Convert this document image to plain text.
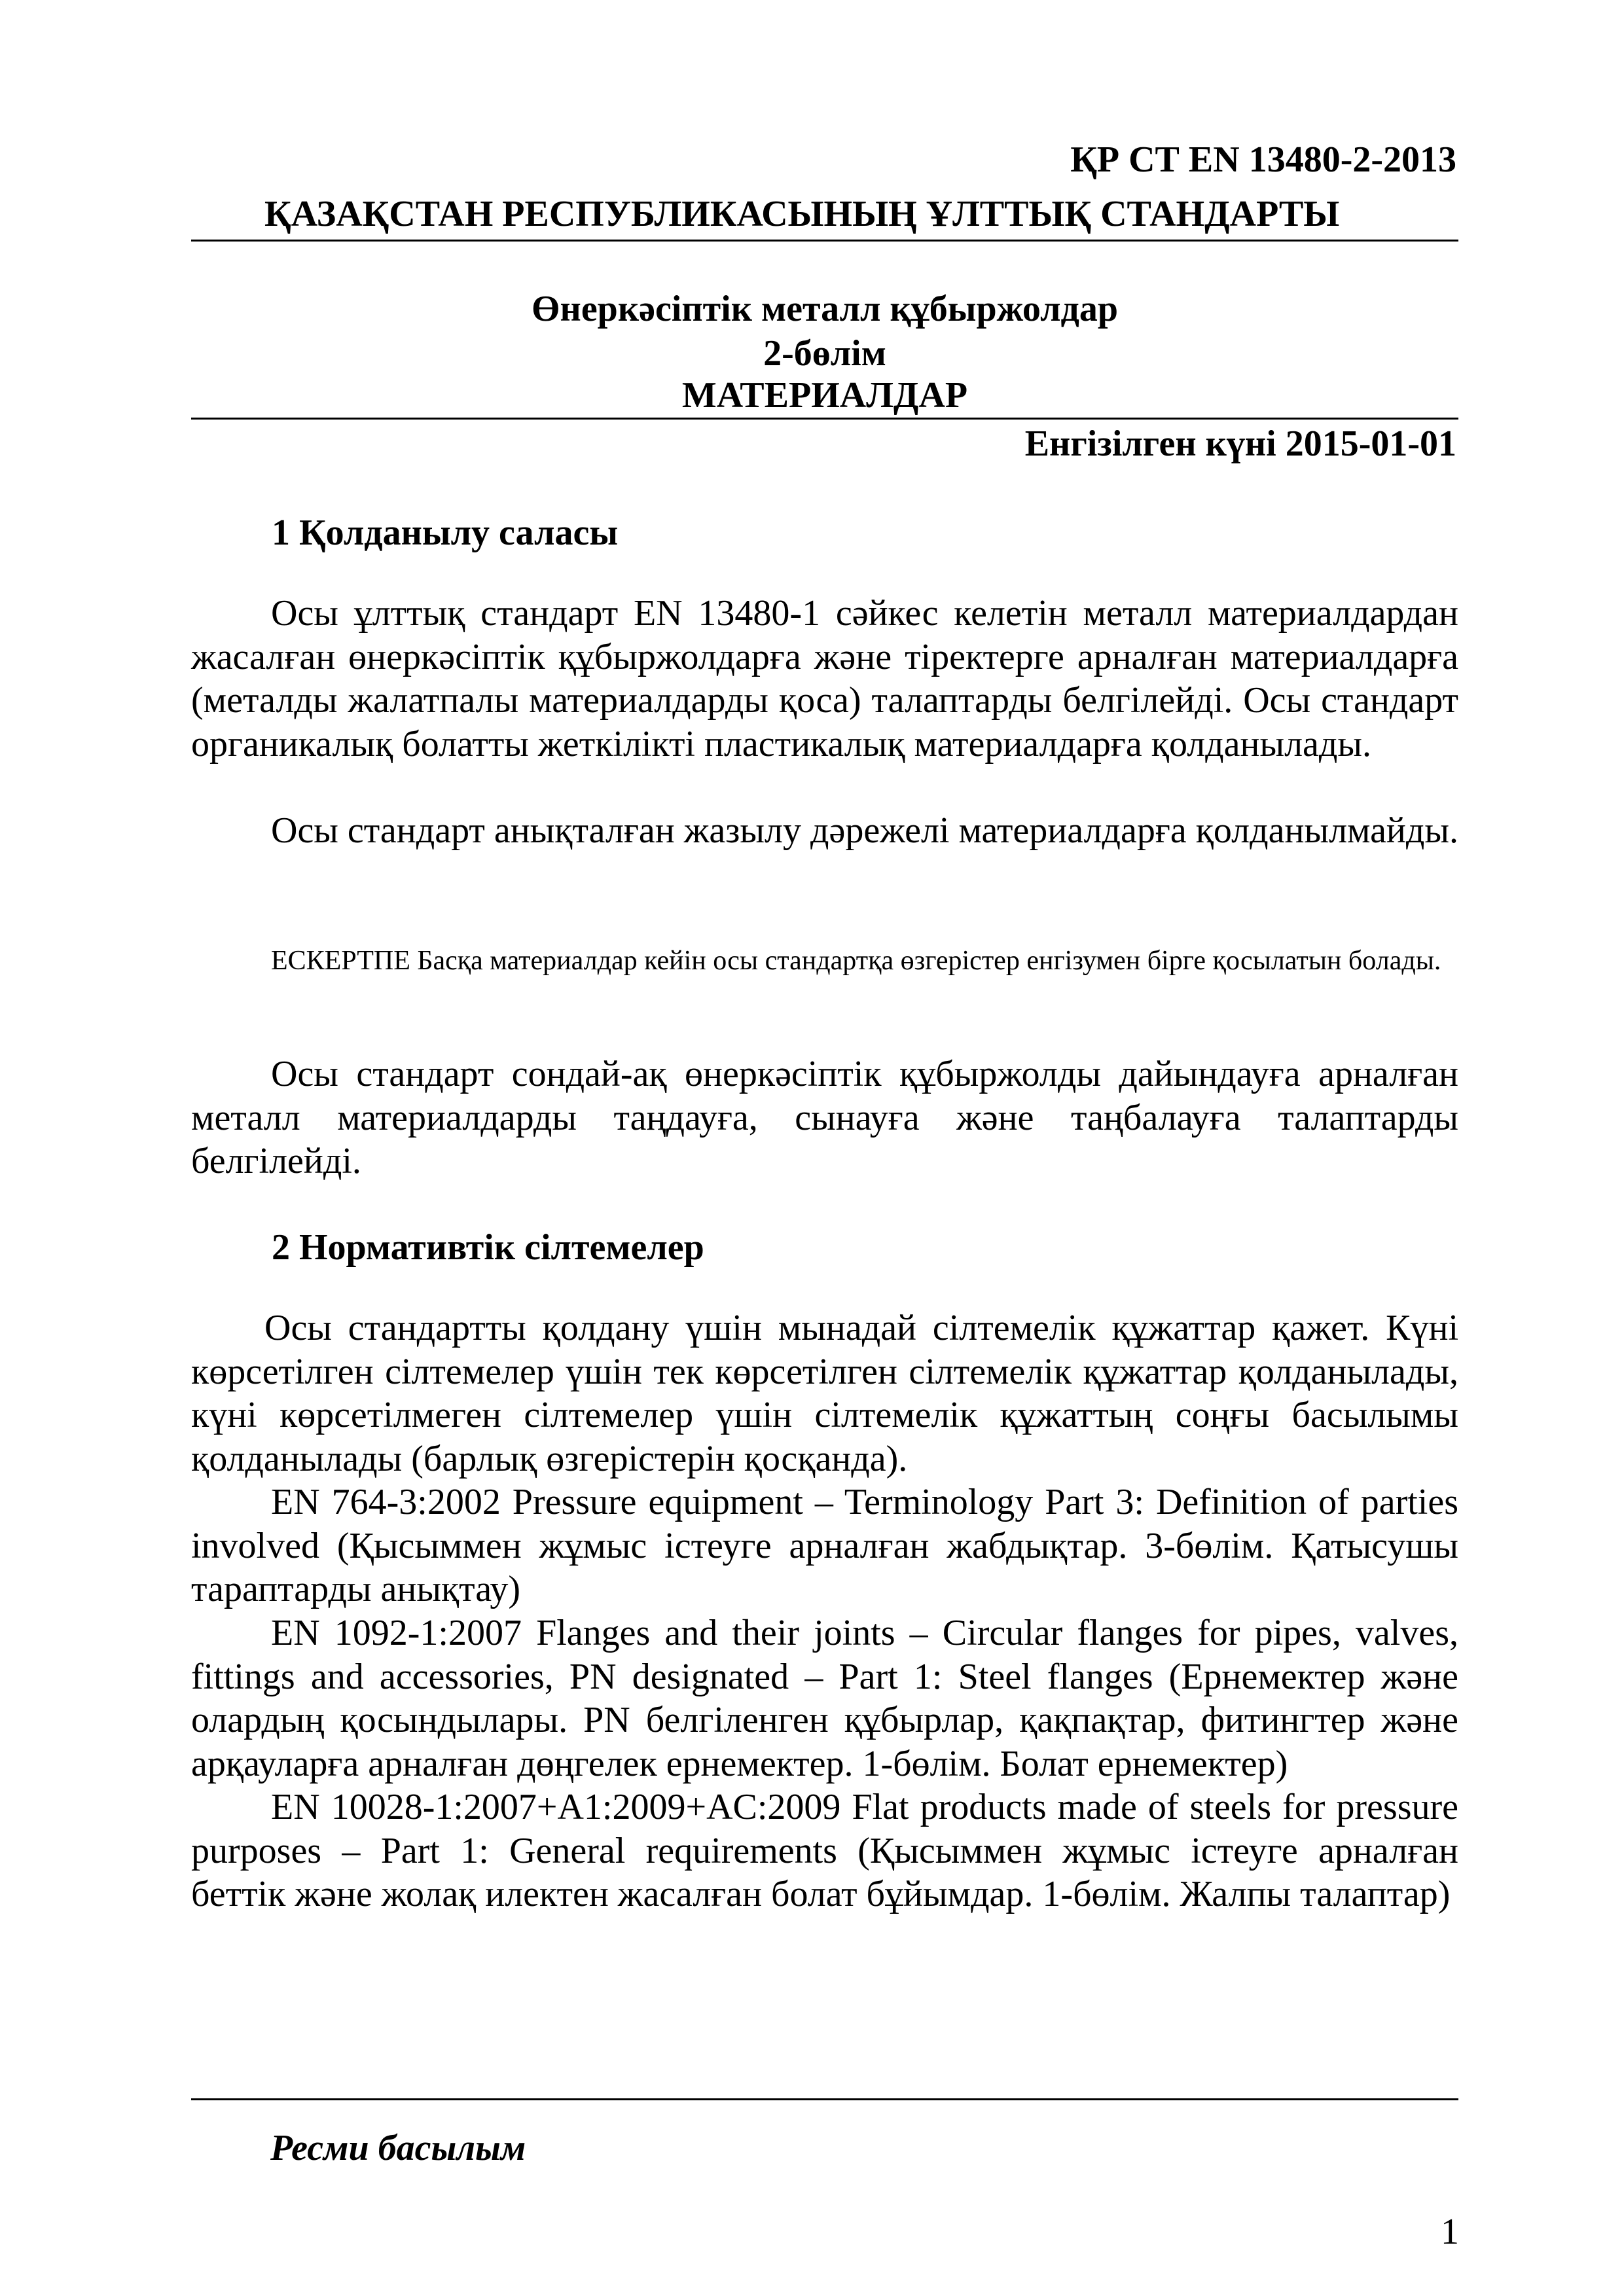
ҚР СТ EN 13480-2-2013
ҚАЗАҚСТАН РЕСПУБЛИКАСЫНЫҢ ҰЛТТЫҚ СТАНДАРТЫ
Өнеркәсіптік металл құбыржолдар
2-бөлім
МАТЕРИАЛДАР
Енгізілген күні 2015-01-01
1 Қолданылу саласы
Осы ұлттық стандарт EN 13480-1 сәйкес келетін металл материалдардан жасалған өнеркәсіптік құбыржолдарға және тіректерге арналған материалдарға (металды жалатпалы материалдарды қоса) талаптарды белгілейді. Осы стандарт органикалық болатты жеткілікті пластикалық материалдарға қолданылады.
Осы стандарт анықталған жазылу дәрежелі материалдарға қолданылмайды.
ЕСКЕРТПЕ Басқа материалдар кейін осы стандартқа өзгерістер енгізумен бірге қосылатын болады.
Осы стандарт сондай-ақ өнеркәсіптік құбыржолды дайындауға арналған металл материалдарды таңдауға, сынауға және таңбалауға талаптарды белгілейді.
2 Нормативтік сілтемелер
Осы стандартты қолдану үшін мынадай сілтемелік құжаттар қажет. Күні көрсетілген сілтемелер үшін тек көрсетілген сілтемелік құжаттар қолданылады, күні көрсетілмеген сілтемелер үшін сілтемелік құжаттың соңғы басылымы қолданылады (барлық өзгерістерін қосқанда).
EN 764-3:2002 Pressure equipment – Terminology Part 3: Definition of parties involved (Қысыммен жұмыс істеуге арналған жабдықтар. 3-бөлім. Қатысушы тараптарды анықтау)
EN 1092-1:2007 Flanges and their joints – Circular flanges for pipes, valves, fittings and accessories, PN designated – Part 1: Steel flanges (Ернемектер және олардың қосындылары. PN белгіленген құбырлар, қақпақтар, фитингтер және арқауларға арналған дөңгелек ернемектер. 1-бөлім. Болат ернемектер)
EN 10028-1:2007+A1:2009+AC:2009 Flat products made of steels for pressure purposes – Part 1: General requirements (Қысыммен жұмыс істеуге арналған беттік және жолақ илектен жасалған болат бұйымдар. 1-бөлім. Жалпы талаптар)
Ресми басылым
1
